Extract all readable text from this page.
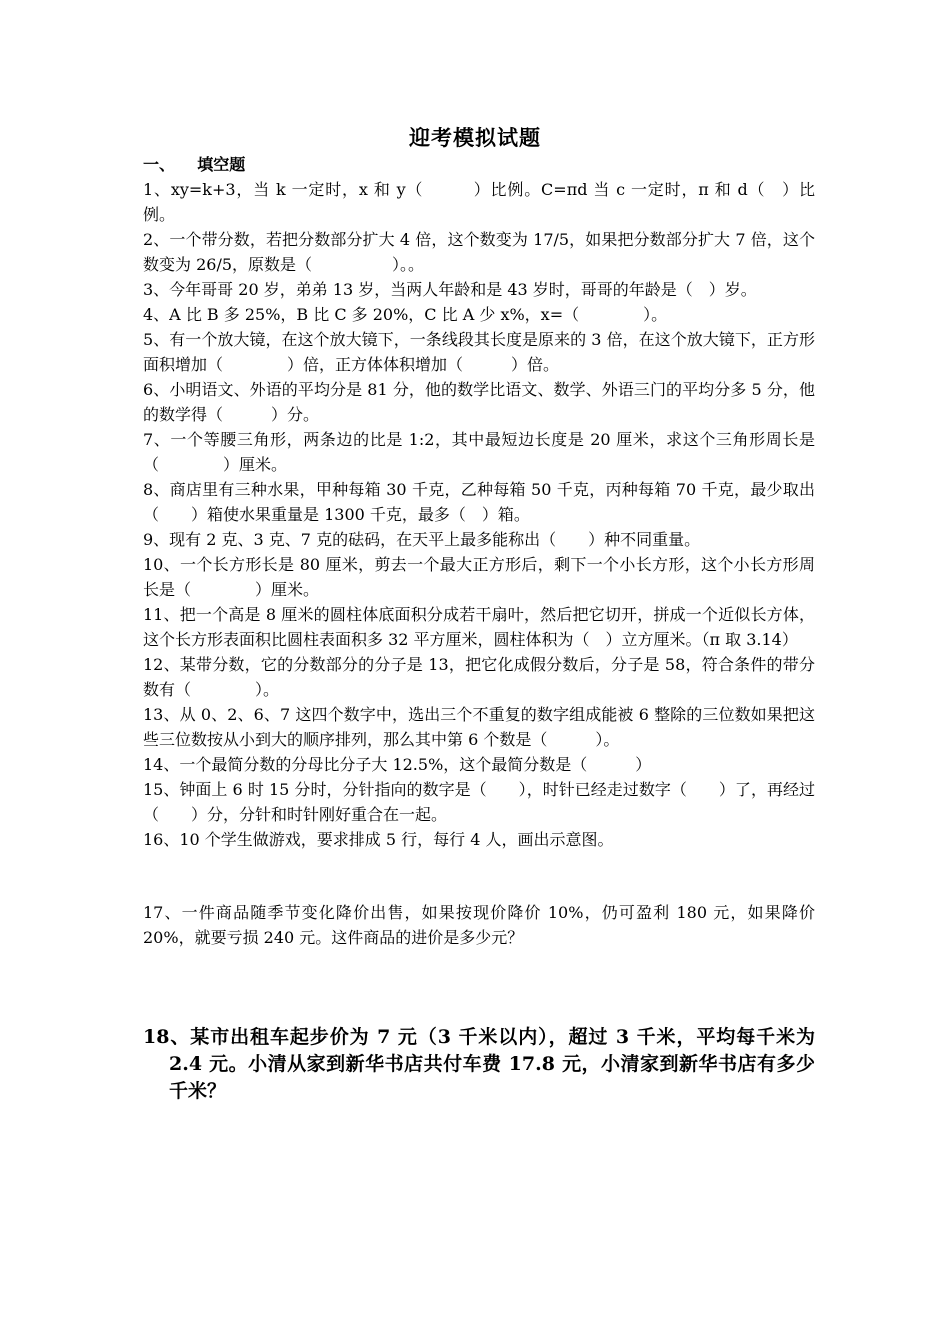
迎考模拟试题
一、    填空题

1、xy=k+3，当 k 一定时，x 和 y（　　　）比例。C=πd 当 c 一定时，π 和 d（　）比例。

2、一个带分数，若把分数部分扩大 4 倍，这个数变为 17/5，如果把分数部分扩大 7 倍，这个数变为 26/5，原数是（　　　　　）。。

3、今年哥哥 20 岁，弟弟 13 岁，当两人年龄和是 43 岁时，哥哥的年龄是（　）岁。

4、A 比 B 多 25%，B 比 C 多 20%，C 比 A 少 x%，x=（　　　　）。

5、有一个放大镜，在这个放大镜下，一条线段其长度是原来的 3 倍，在这个放大镜下，正方形面积增加（　　　　）倍，正方体体积增加（　　　）倍。

6、小明语文、外语的平均分是 81 分，他的数学比语文、数学、外语三门的平均分多 5 分，他的数学得（　　　）分。

7、一个等腰三角形，两条边的比是 1:2，其中最短边长度是 20 厘米，求这个三角形周长是（　　　　）厘米。

8、商店里有三种水果，甲种每箱 30 千克，乙种每箱 50 千克，丙种每箱 70 千克，最少取出（　　）箱使水果重量是 1300 千克，最多（　）箱。

9、现有 2 克、3 克、7 克的砝码，在天平上最多能称出（　　）种不同重量。

10、一个长方形长是 80 厘米，剪去一个最大正方形后，剩下一个小长方形，这个小长方形周长是（　　　　）厘米。

11、把一个高是 8 厘米的圆柱体底面积分成若干扇叶，然后把它切开，拼成一个近似长方体，这个长方形表面积比圆柱表面积多 32 平方厘米，圆柱体积为（　）立方厘米。（π 取 3.14）

12、某带分数，它的分数部分的分子是 13，把它化成假分数后，分子是 58，符合条件的带分数有（　　　　）。

13、从 0、2、6、7 这四个数字中，选出三个不重复的数字组成能被 6 整除的三位数如果把这些三位数按从小到大的顺序排列，那么其中第 6 个数是（　　　）。

14、一个最简分数的分母比分子大 12.5%，这个最简分数是（　　　）

15、钟面上 6 时 15 分时，分针指向的数字是（　　），时针已经走过数字（　　）了，再经过（　　）分，分针和时针刚好重合在一起。

16、10 个学生做游戏，要求排成 5 行，每行 4 人，画出示意图。

17、一件商品随季节变化降价出售，如果按现价降价 10%，仍可盈利 180 元，如果降价 20%，就要亏损 240 元。这件商品的进价是多少元？

18、某市出租车起步价为 7 元（3 千米以内），超过 3 千米，平均每千米为 2.4 元。小清从家到新华书店共付车费 17.8 元，小清家到新华书店有多少千米？
